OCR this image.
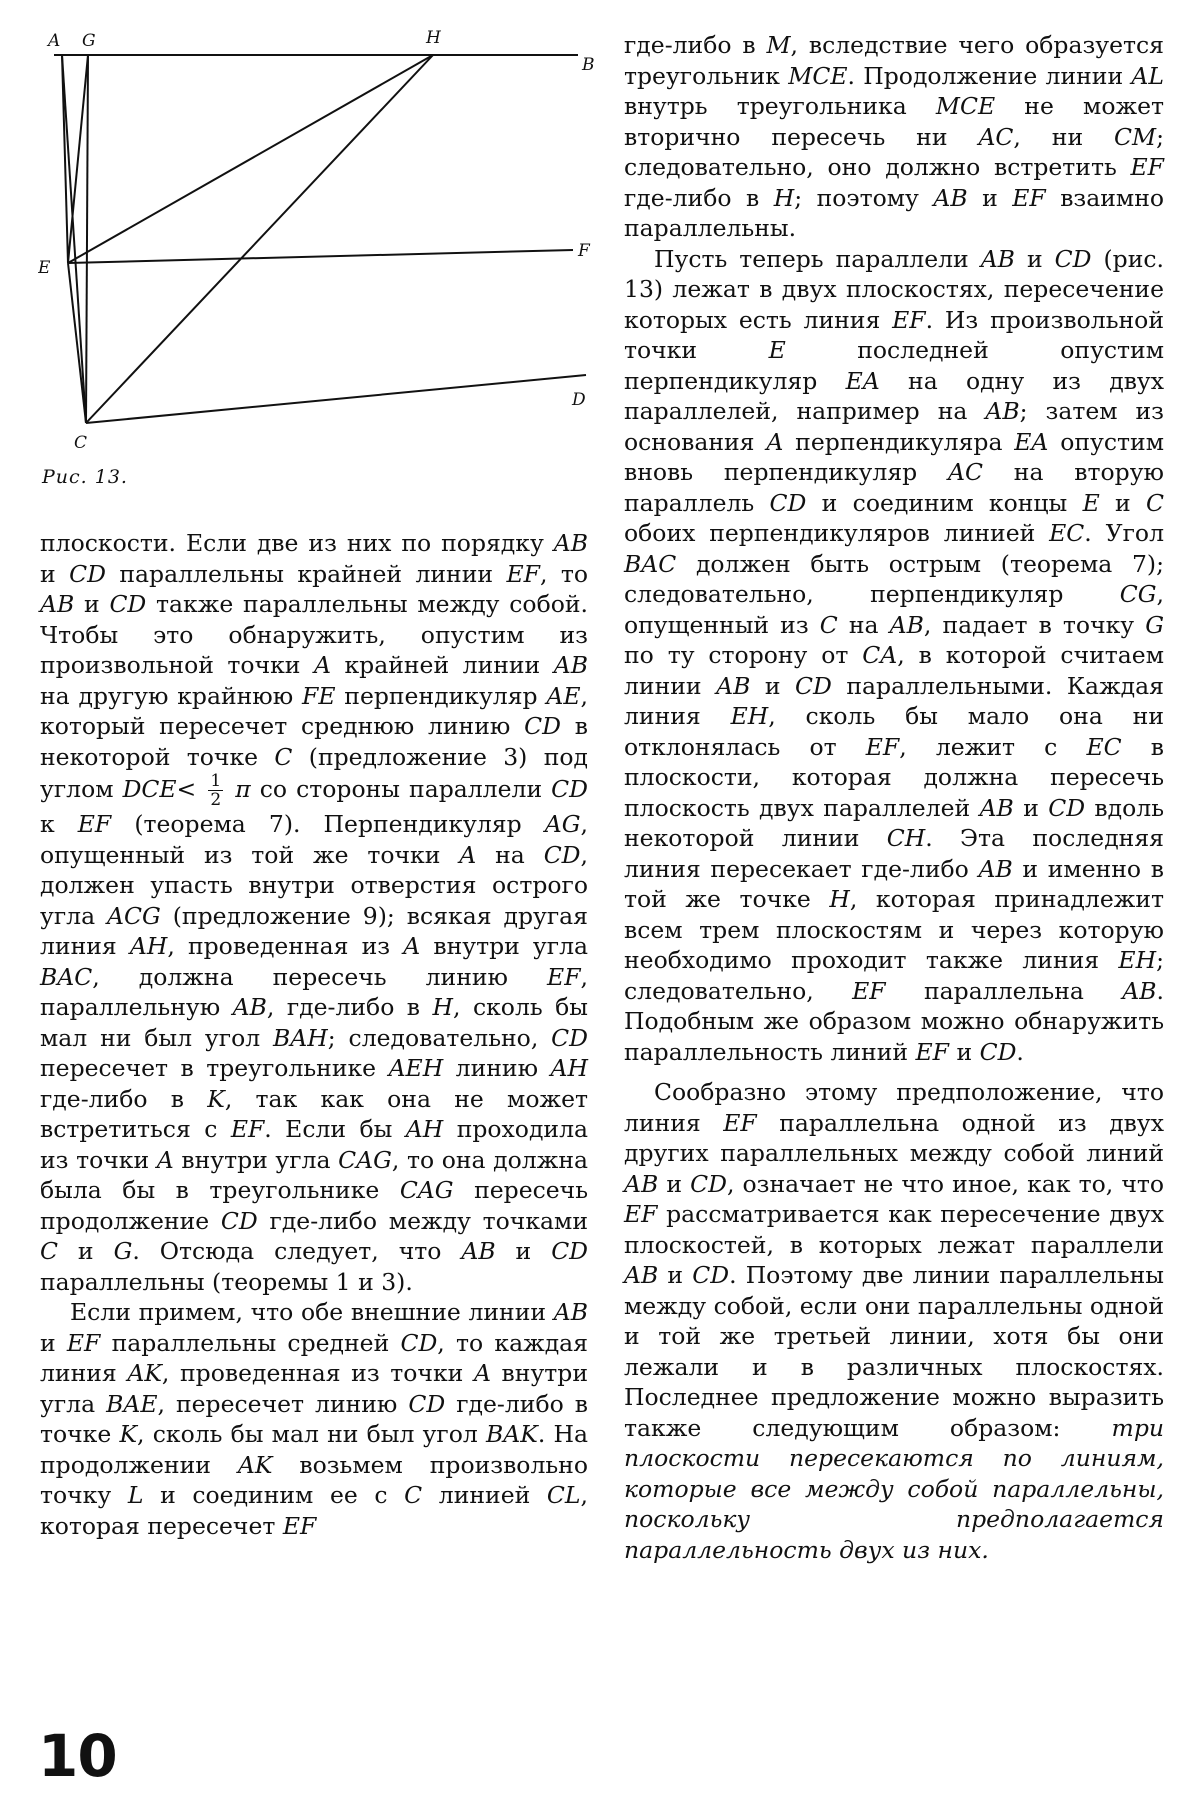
A G	H
B
E
F
D
C
Рис. 13.

плоскости. Если две из них по порядку AB и CD параллельны крайней линии EF, то AB и CD также параллельны между собой. Чтобы это обнаружить, опустим из произвольной точки A крайней линии AB на другую крайнюю FE перпендикуляр AE, который пересечет среднюю линию CD в некоторой точке C (предложение 3) под углом $DCE< \frac{1}{2}$ π со стороны параллели CD к EF (теорема 7). Перпендикуляр AG, опущенный из той же точки A на CD, должен упасть внутри отверстия острого угла ACG (предложение 9); всякая другая линия AH, проведенная из A внутри угла BAC, должна пересечь линию EF, параллельную AB, где-либо в H, сколь бы мал ни был угол BAH; следовательно, CD пересечет в треугольнике AEH линию AH где-либо в K, так как она не может встретиться с EF. Если бы AH проходила из точки A внутри угла CAG, то она должна была бы в треугольнике CAG пересечь продолжение CD где-либо между точками C и G. Отсюда следует, что AB и CD параллельны (теоремы 1 и 3).

Если примем, что обе внешние линии AB и EF параллельны средней CD, то каждая линия AK, проведенная из точки A внутри угла BAE, пересечет линию CD где-либо в точке K, сколь бы мал ни был угол BAK. На продолжении AK возьмем произвольно точку L и соединим ее с C линией CL, которая пересечет EF

где-либо в M, вследствие чего образуется треугольник MCE. Продолжение линии AL внутрь треугольника MCE не может вторично пересечь ни AC, ни CM; следовательно, оно должно встретить EF где-либо в H; поэтому AB и EF взаимно параллельны.

Пусть теперь параллели AB и CD (рис. 13) лежат в двух плоскостях, пересечение которых есть линия EF. Из произвольной точки E последней опустим перпендикуляр EA на одну из двух параллелей, например на AB; затем из основания A перпендикуляра EA опустим вновь перпендикуляр AC на вторую параллель CD и соединим концы E и C обоих перпендикуляров линией EC. Угол BAC должен быть острым (теорема 7); следовательно, перпендикуляр CG, опущенный из C на AB, падает в точку G по ту сторону от CA, в которой считаем линии AB и CD параллельными. Каждая линия EH, сколь бы мало она ни отклонялась от EF, лежит с EC в плоскости, которая должна пересечь плоскость двух параллелей AB и CD вдоль некоторой линии CH. Эта последняя линия пересекает где-либо AB и именно в той же точке H, которая принадлежит всем трем плоскостям и через которую необходимо проходит также линия EH; следовательно, EF параллельна AB. Подобным же образом можно обнаружить параллельность линий EF и CD.

Сообразно этому предположение, что линия EF параллельна одной из двух других параллельных между собой линий AB и CD, означает не что иное, как то, что EF рассматривается как пересечение двух плоскостей, в которых лежат параллели AB и CD. Поэтому две линии параллельны между собой, если они параллельны одной и той же третьей линии, хотя бы они лежали и в различных плоскостях. Последнее предложение можно выразить также следующим образом: три плоскости пересекаются по линиям, которые все между собой параллельны, поскольку предполагается параллельность двух из них.

10
